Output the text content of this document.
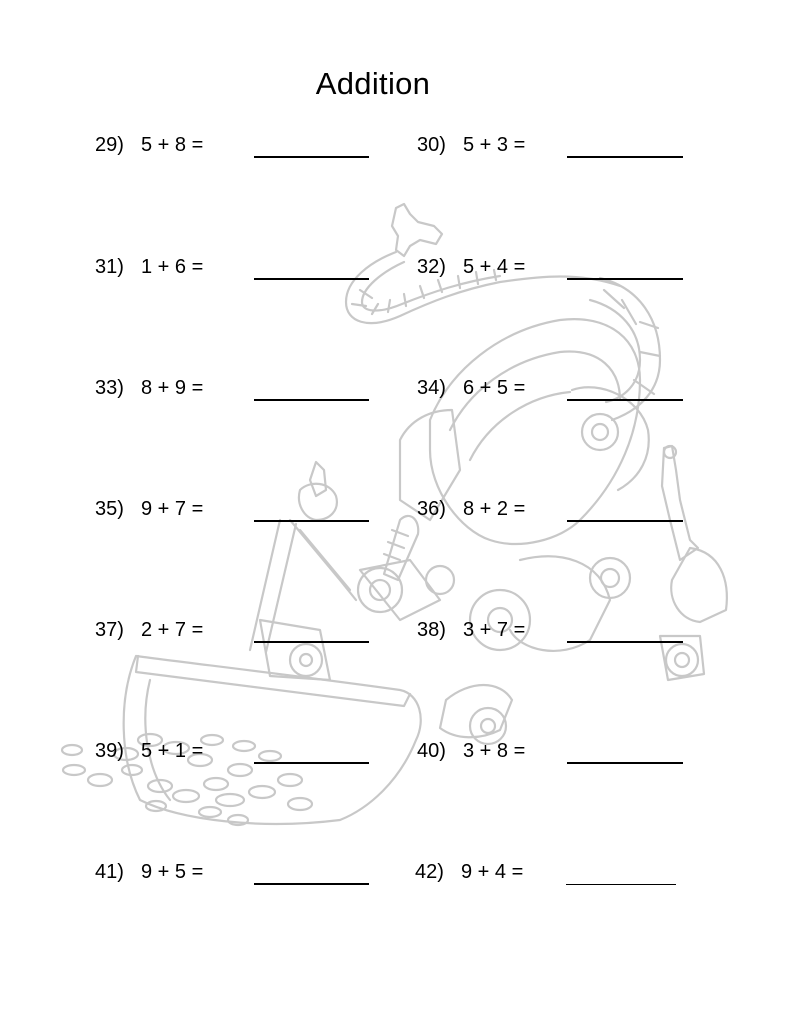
Addition
29) 5 + 8 =	30) 5 + 3 =
31) 1 + 6 =	32) 5 + 4 =
33) 8 + 9 =	34) 6 + 5 =
35) 9 + 7 =	36) 8 + 2 =
37) 2 + 7 =	38) 3 + 7 =
39) 5 + 1 =	40) 3 + 8 =
41) 9 + 5 =	42) 9 + 4 =
